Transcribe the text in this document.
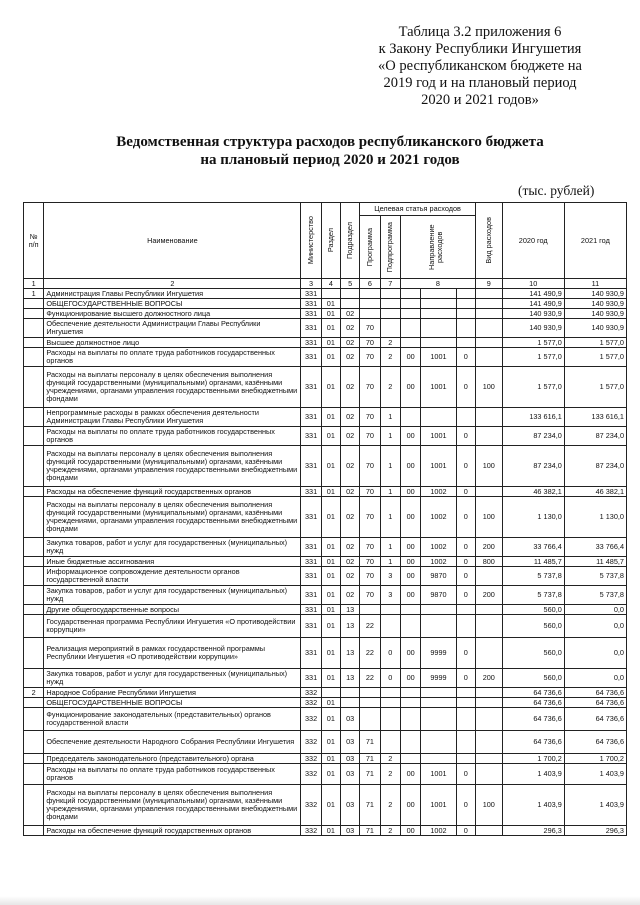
Таблица 3.2 приложения 6
к Закону Республики Ингушетия
«О республиканском бюджете на
2019 год и на плановый период
2020 и 2021 годов»
Ведомственная структура расходов республиканского бюджета
на плановый период 2020 и 2021 годов
(тыс. рублей)
№ п/п	Наименование	Министерство	Раздел	Подраздел	Целевая статья расходов					Вид расходов	2020 год	2021 год

					Программа	Подпрограмма	Направление расходов					

1	2	3	4	5	6	7	8			9	10	11
1	Администрация Главы Республики Ингушетия	331									141 490,9	140 930,9
	ОБЩЕГОСУДАРСТВЕННЫЕ ВОПРОСЫ	331	01								141 490,9	140 930,9
	Функционирование высшего должностного лица	331	01	02							140 930,9	140 930,9
	Обеспечение деятельности Администрации Главы Республики Ингушетия	331	01	02	70						140 930,9	140 930,9
	Высшее должностное лицо	331	01	02	70	2					1 577,0	1 577,0
	Расходы на выплаты по оплате труда работников государственных органов	331	01	02	70	2	00	1001	0		1 577,0	1 577,0
	Расходы на выплаты персоналу в целях обеспечения выполнения функций государственными (муниципальными) органами, казёнными учреждениями, органами управления государственными внебюджетными фондами	331	01	02	70	2	00	1001	0	100	1 577,0	1 577,0
	Непрограммные расходы в рамках обеспечения деятельности Администрации Главы Республики Ингушетия	331	01	02	70	1					133 616,1	133 616,1
	Расходы на выплаты по оплате труда работников государственных органов	331	01	02	70	1	00	1001	0		87 234,0	87 234,0
	Расходы на выплаты персоналу в целях обеспечения выполнения функций государственными (муниципальными) органами, казёнными учреждениями, органами управления государственными внебюджетными фондами	331	01	02	70	1	00	1001	0	100	87 234,0	87 234,0
	Расходы на обеспечение функций государственных органов	331	01	02	70	1	00	1002	0		46 382,1	46 382,1
	Расходы на выплаты персоналу в целях обеспечения выполнения функций государственными (муниципальными) органами, казёнными учреждениями, органами управления государственными внебюджетными фондами	331	01	02	70	1	00	1002	0	100	1 130,0	1 130,0
	Закупка товаров, работ и услуг для государственных (муниципальных) нужд	331	01	02	70	1	00	1002	0	200	33 766,4	33 766,4
	Иные бюджетные ассигнования	331	01	02	70	1	00	1002	0	800	11 485,7	11 485,7
	Информационное сопровождение деятельности органов государственной власти	331	01	02	70	3	00	9870	0		5 737,8	5 737,8
	Закупка товаров, работ и услуг для государственных (муниципальных) нужд	331	01	02	70	3	00	9870	0	200	5 737,8	5 737,8
	Другие общегосударственные вопросы	331	01	13							560,0	0,0
	Государственная программа Республики Ингушетия «О противодействии коррупции»	331	01	13	22						560,0	0,0
	Реализация мероприятий в рамках государственной программы Республики Ингушетия «О противодействии коррупции»	331	01	13	22	0	00	9999	0		560,0	0,0
	Закупка товаров, работ и услуг для государственных (муниципальных) нужд	331	01	13	22	0	00	9999	0	200	560,0	0,0
2	Народное Собрание Республики Ингушетия	332									64 736,6	64 736,6
	ОБЩЕГОСУДАРСТВЕННЫЕ ВОПРОСЫ	332	01								64 736,6	64 736,6
	Функционирование законодательных (представительных) органов государственной власти	332	01	03							64 736,6	64 736,6
	Обеспечение деятельности Народного Собрания Республики Ингушетия	332	01	03	71						64 736,6	64 736,6
	Председатель законодательного (представительного) органа	332	01	03	71	2					1 700,2	1 700,2
	Расходы на выплаты по оплате труда работников государственных органов	332	01	03	71	2	00	1001	0		1 403,9	1 403,9
	Расходы на выплаты персоналу в целях обеспечения выполнения функций государственными (муниципальными) органами, казёнными учреждениями, органами управления государственными внебюджетными фондами	332	01	03	71	2	00	1001	0	100	1 403,9	1 403,9
	Расходы на обеспечение функций государственных органов	332	01	03	71	2	00	1002	0		296,3	296,3
